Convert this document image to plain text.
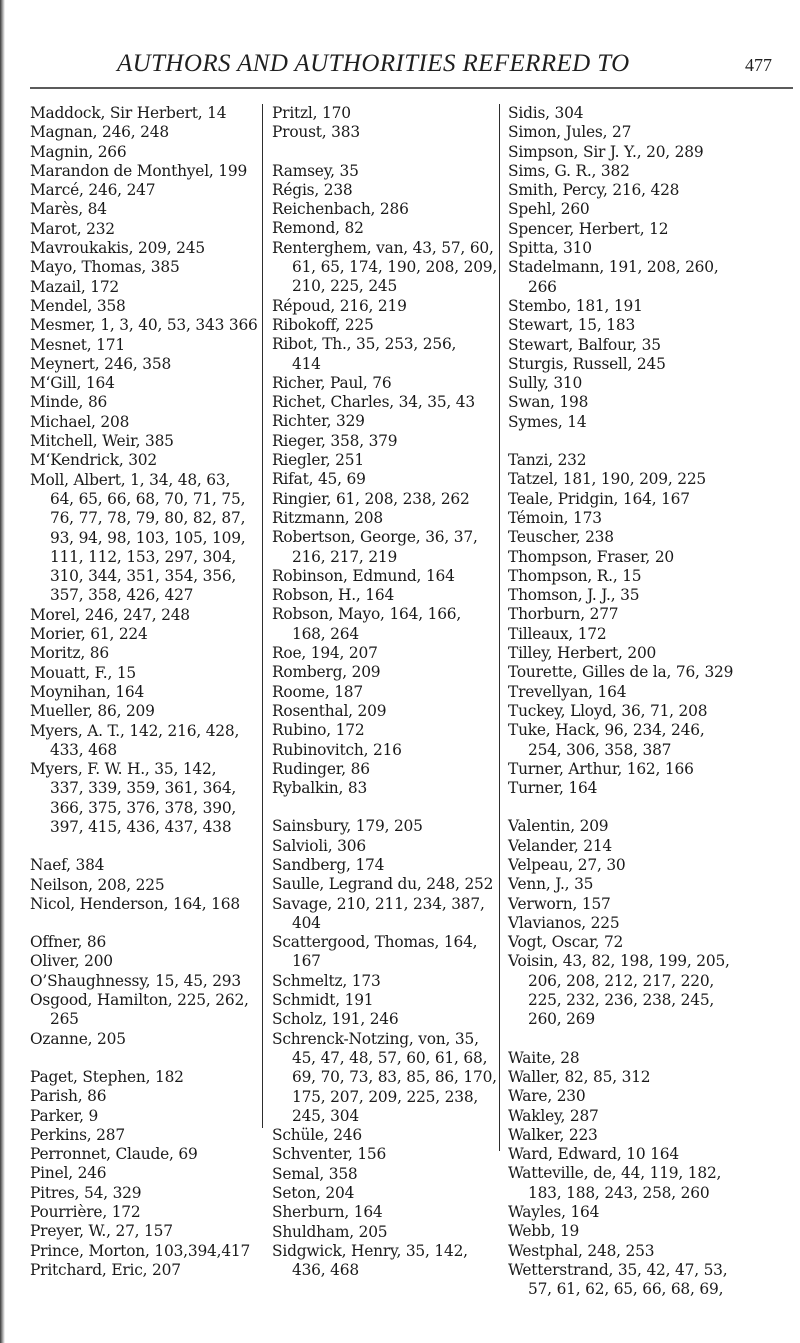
AUTHORS AND AUTHORITIES REFERRED TO	477
Maddock, Sir Herbert, 14
Magnan, 246, 248
Magnin, 266
Marandon de Monthyel, 199
Marcé, 246, 247
Marès, 84
Marot, 232
Mavroukakis, 209, 245
Mayo, Thomas, 385
Mazail, 172
Mendel, 358
Mesmer, 1, 3, 40, 53, 343 366
Mesnet, 171
Meynert, 246, 358
M‘Gill, 164
Minde, 86
Michael, 208
Mitchell, Weir, 385
M‘Kendrick, 302
Moll, Albert, 1, 34, 48, 63,
64, 65, 66, 68, 70, 71, 75,
76, 77, 78, 79, 80, 82, 87,
93, 94, 98, 103, 105, 109,
111, 112, 153, 297, 304,
310, 344, 351, 354, 356,
357, 358, 426, 427
Morel, 246, 247, 248
Morier, 61, 224
Moritz, 86
Mouatt, F., 15
Moynihan, 164
Mueller, 86, 209
Myers, A. T., 142, 216, 428,
433, 468
Myers, F. W. H., 35, 142,
337, 339, 359, 361, 364,
366, 375, 376, 378, 390,
397, 415, 436, 437, 438
Naef, 384
Neilson, 208, 225
Nicol, Henderson, 164, 168
Offner, 86
Oliver, 200
O’Shaughnessy, 15, 45, 293
Osgood, Hamilton, 225, 262,
265
Ozanne, 205
Paget, Stephen, 182
Parish, 86
Parker, 9
Perkins, 287
Perronnet, Claude, 69
Pinel, 246
Pitres, 54, 329
Pourrière, 172
Preyer, W., 27, 157
Prince, Morton, 103,394,417
Pritchard, Eric, 207
Pritzl, 170
Proust, 383
Ramsey, 35
Régis, 238
Reichenbach, 286
Remond, 82
Renterghem, van, 43, 57, 60,
61, 65, 174, 190, 208, 209,
210, 225, 245
Répoud, 216, 219
Ribokoff, 225
Ribot, Th., 35, 253, 256,
414
Richer, Paul, 76
Richet, Charles, 34, 35, 43
Richter, 329
Rieger, 358, 379
Riegler, 251
Rifat, 45, 69
Ringier, 61, 208, 238, 262
Ritzmann, 208
Robertson, George, 36, 37,
216, 217, 219
Robinson, Edmund, 164
Robson, H., 164
Robson, Mayo, 164, 166,
168, 264
Roe, 194, 207
Romberg, 209
Roome, 187
Rosenthal, 209
Rubino, 172
Rubinovitch, 216
Rudinger, 86
Rybalkin, 83
Sainsbury, 179, 205
Salvioli, 306
Sandberg, 174
Saulle, Legrand du, 248, 252
Savage, 210, 211, 234, 387,
404
Scattergood, Thomas, 164,
167
Schmeltz, 173
Schmidt, 191
Scholz, 191, 246
Schrenck-Notzing, von, 35,
45, 47, 48, 57, 60, 61, 68,
69, 70, 73, 83, 85, 86, 170,
175, 207, 209, 225, 238,
245, 304
Schüle, 246
Schventer, 156
Semal, 358
Seton, 204
Sherburn, 164
Shuldham, 205
Sidgwick, Henry, 35, 142,
436, 468
Sidis, 304
Simon, Jules, 27
Simpson, Sir J. Y., 20, 289
Sims, G. R., 382
Smith, Percy, 216, 428
Spehl, 260
Spencer, Herbert, 12
Spitta, 310
Stadelmann, 191, 208, 260,
266
Stembo, 181, 191
Stewart, 15, 183
Stewart, Balfour, 35
Sturgis, Russell, 245
Sully, 310
Swan, 198
Symes, 14
Tanzi, 232
Tatzel, 181, 190, 209, 225
Teale, Pridgin, 164, 167
Témoin, 173
Teuscher, 238
Thompson, Fraser, 20
Thompson, R., 15
Thomson, J. J., 35
Thorburn, 277
Tilleaux, 172
Tilley, Herbert, 200
Tourette, Gilles de la, 76, 329
Trevellyan, 164
Tuckey, Lloyd, 36, 71, 208
Tuke, Hack, 96, 234, 246,
254, 306, 358, 387
Turner, Arthur, 162, 166
Turner, 164
Valentin, 209
Velander, 214
Velpeau, 27, 30
Venn, J., 35
Verworn, 157
Vlavianos, 225
Vogt, Oscar, 72
Voisin, 43, 82, 198, 199, 205,
206, 208, 212, 217, 220,
225, 232, 236, 238, 245,
260, 269
Waite, 28
Waller, 82, 85, 312
Ware, 230
Wakley, 287
Walker, 223
Ward, Edward, 10 164
Watteville, de, 44, 119, 182,
183, 188, 243, 258, 260
Wayles, 164
Webb, 19
Westphal, 248, 253
Wetterstrand, 35, 42, 47, 53,
57, 61, 62, 65, 66, 68, 69,
